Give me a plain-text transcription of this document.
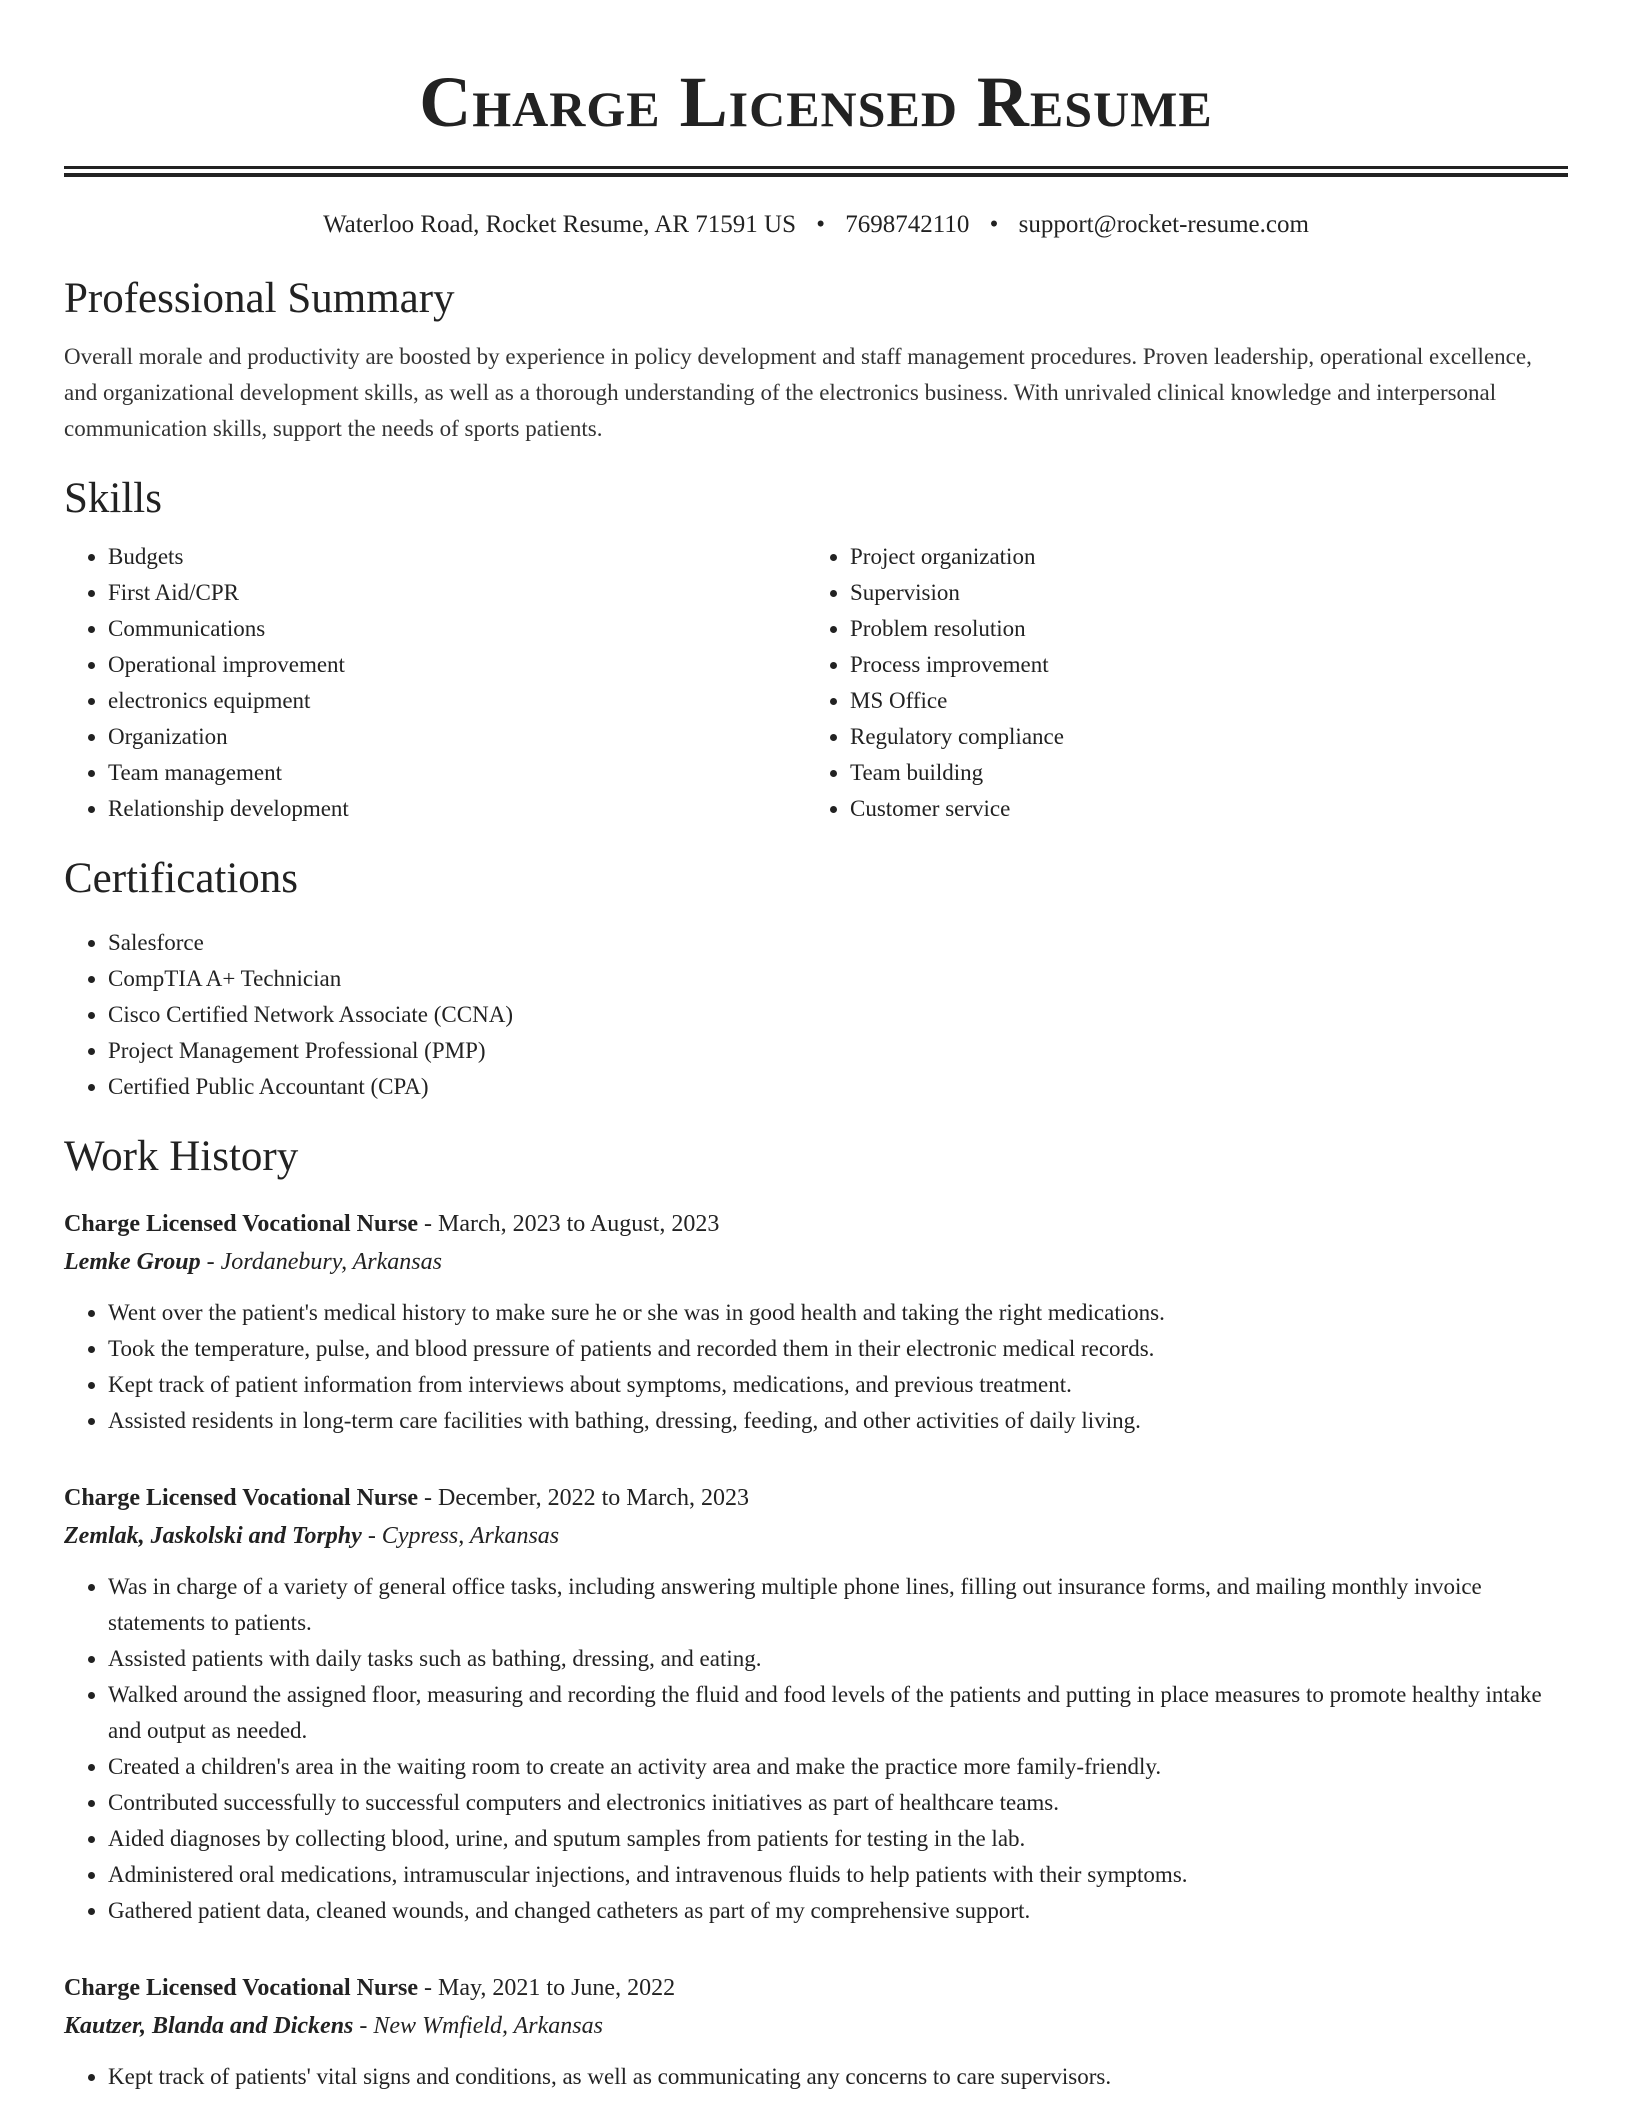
Charge Licensed Resume
Waterloo Road, Rocket Resume, AR 71591 US • 7698742110 • support@rocket-resume.com
Professional Summary

Overall morale and productivity are boosted by experience in policy development and staff management procedures. Proven leadership, operational excellence, and organizational development skills, as well as a thorough understanding of the electronics business. With unrivaled clinical knowledge and interpersonal communication skills, support the needs of sports patients.

Skills
• Budgets
• First Aid/CPR
• Communications
• Operational improvement
• electronics equipment
• Organization
• Team management
• Relationship development
• Project organization
• Supervision
• Problem resolution
• Process improvement
• MS Office
• Regulatory compliance
• Team building
• Customer service
Certifications
• Salesforce
• CompTIA A+ Technician
• Cisco Certified Network Associate (CCNA)
• Project Management Professional (PMP)
• Certified Public Accountant (CPA)
Work History
Charge Licensed Vocational Nurse - March, 2023 to August, 2023
Lemke Group - Jordanebury, Arkansas
• Went over the patient's medical history to make sure he or she was in good health and taking the right medications.
• Took the temperature, pulse, and blood pressure of patients and recorded them in their electronic medical records.
• Kept track of patient information from interviews about symptoms, medications, and previous treatment.
• Assisted residents in long-term care facilities with bathing, dressing, feeding, and other activities of daily living.
Charge Licensed Vocational Nurse - December, 2022 to March, 2023
Zemlak, Jaskolski and Torphy - Cypress, Arkansas
• Was in charge of a variety of general office tasks, including answering multiple phone lines, filling out insurance forms, and mailing monthly invoice statements to patients.
• Assisted patients with daily tasks such as bathing, dressing, and eating.
• Walked around the assigned floor, measuring and recording the fluid and food levels of the patients and putting in place measures to promote healthy intake and output as needed.
• Created a children's area in the waiting room to create an activity area and make the practice more family-friendly.
• Contributed successfully to successful computers and electronics initiatives as part of healthcare teams.
• Aided diagnoses by collecting blood, urine, and sputum samples from patients for testing in the lab.
• Administered oral medications, intramuscular injections, and intravenous fluids to help patients with their symptoms.
• Gathered patient data, cleaned wounds, and changed catheters as part of my comprehensive support.
Charge Licensed Vocational Nurse - May, 2021 to June, 2022
Kautzer, Blanda and Dickens - New Wmfield, Arkansas
• Kept track of patients' vital signs and conditions, as well as communicating any concerns to care supervisors.
